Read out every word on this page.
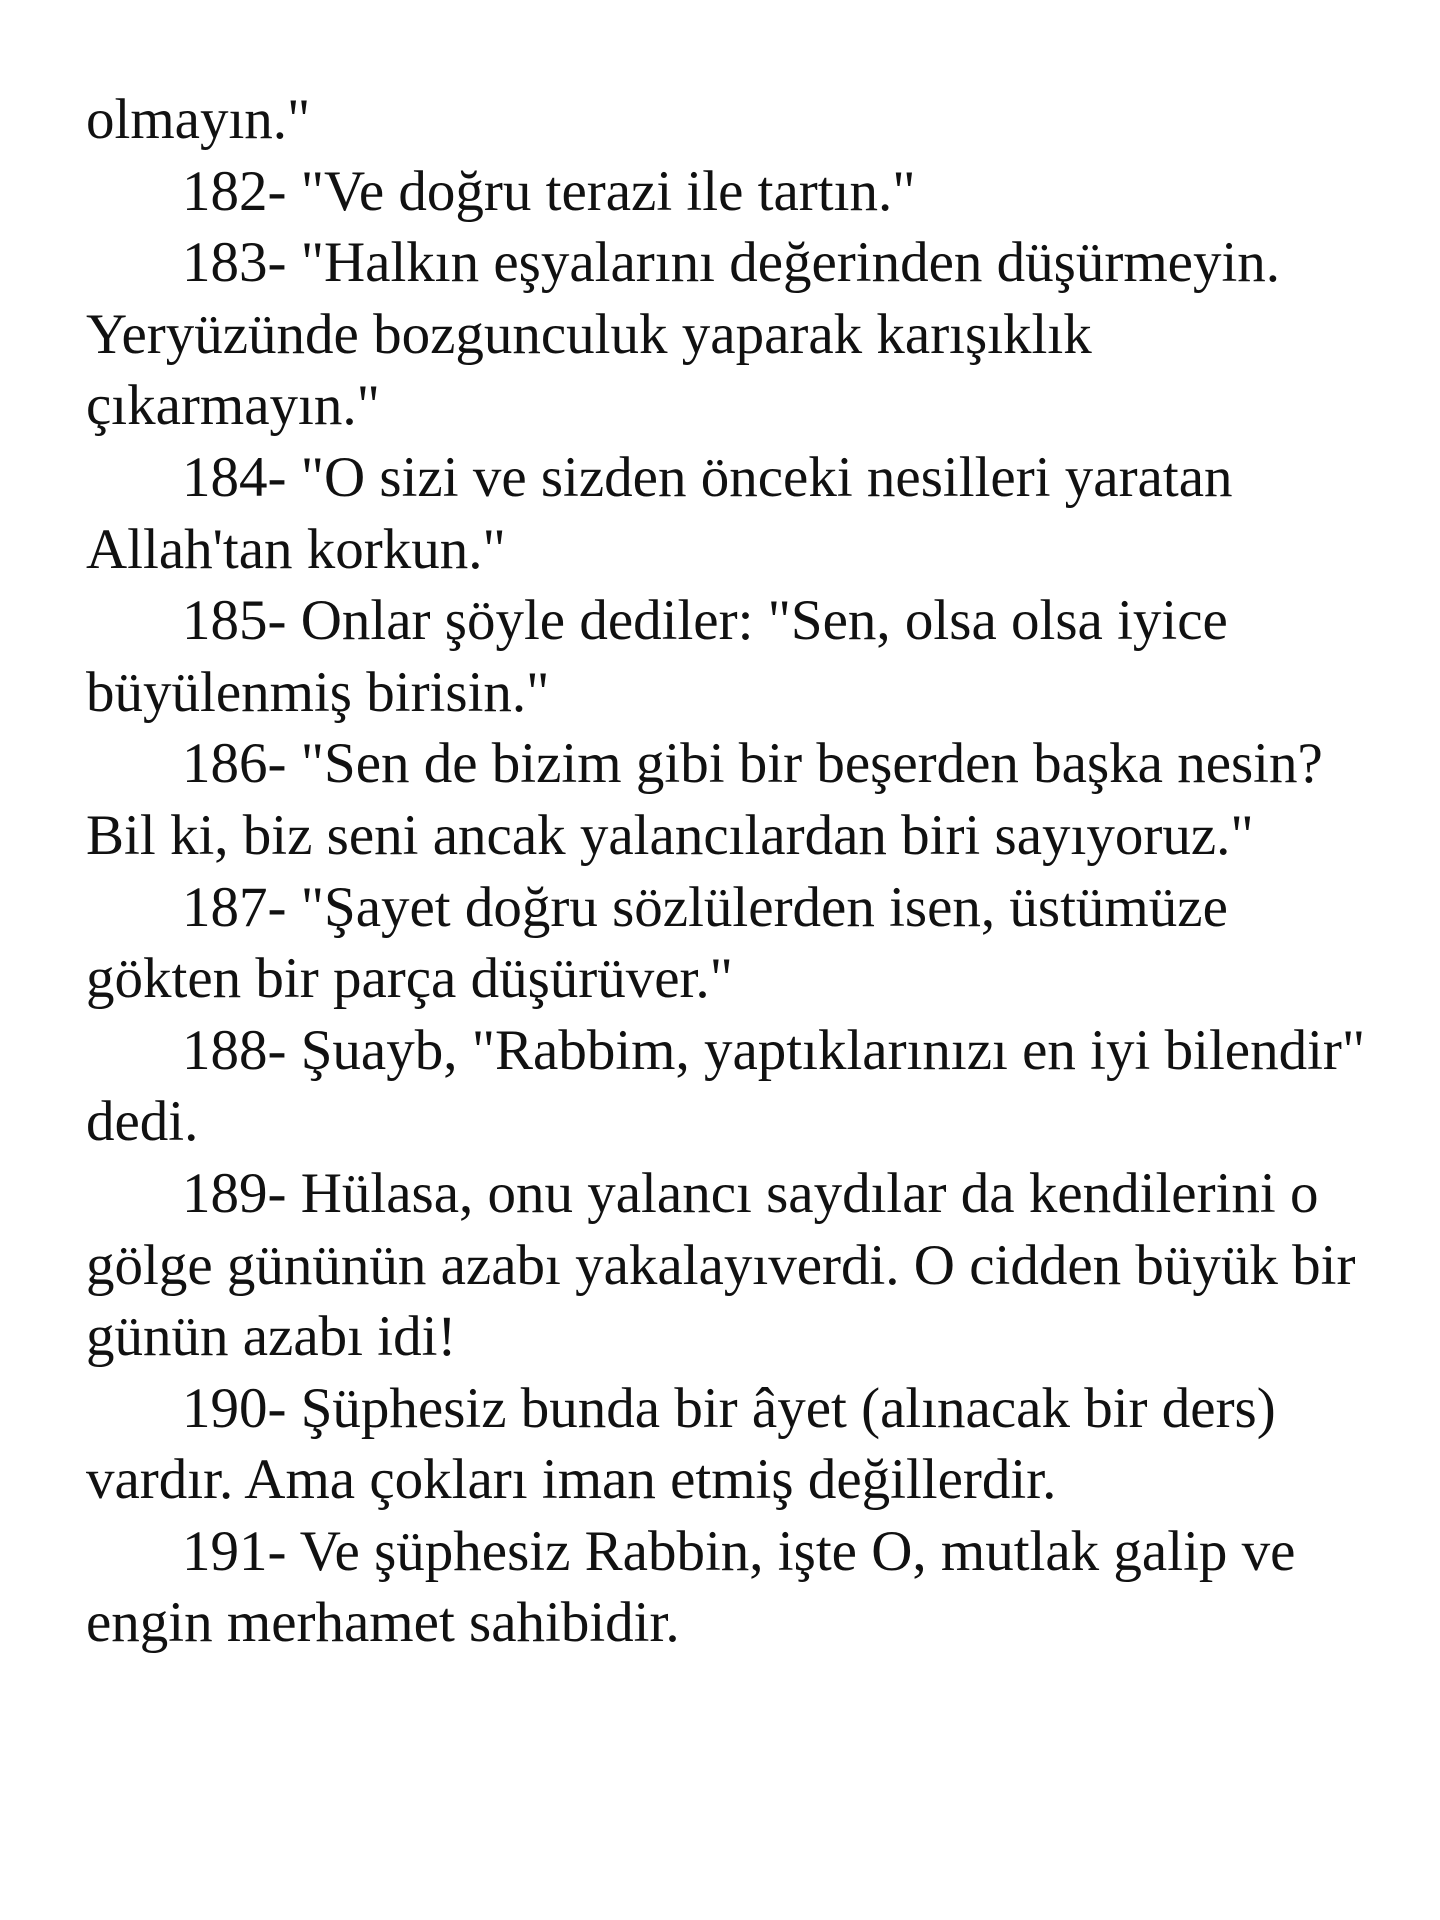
olmayın."

182- "Ve doğru terazi ile tartın."

183- "Halkın eşyalarını değerinden düşürmeyin. Yeryüzünde bozgunculuk yaparak karışıklık çıkarmayın."

184- "O sizi ve sizden önceki nesilleri yaratan Allah'tan korkun."

185- Onlar şöyle dediler: "Sen, olsa olsa iyice büyülenmiş birisin."

186- "Sen de bizim gibi bir beşerden başka nesin? Bil ki, biz seni ancak yalancılardan biri sayıyoruz."

187- "Şayet doğru sözlülerden isen, üstümüze gökten bir parça düşürüver."

188- Şuayb, "Rabbim, yaptıklarınızı en iyi bilendir" dedi.

189- Hülasa, onu yalancı saydılar da kendilerini o gölge gününün azabı yakalayıverdi. O cidden büyük bir günün azabı idi!

190- Şüphesiz bunda bir âyet (alınacak bir ders) vardır. Ama çokları iman etmiş değillerdir.

191- Ve şüphesiz Rabbin, işte O, mutlak galip ve engin merhamet sahibidir.
